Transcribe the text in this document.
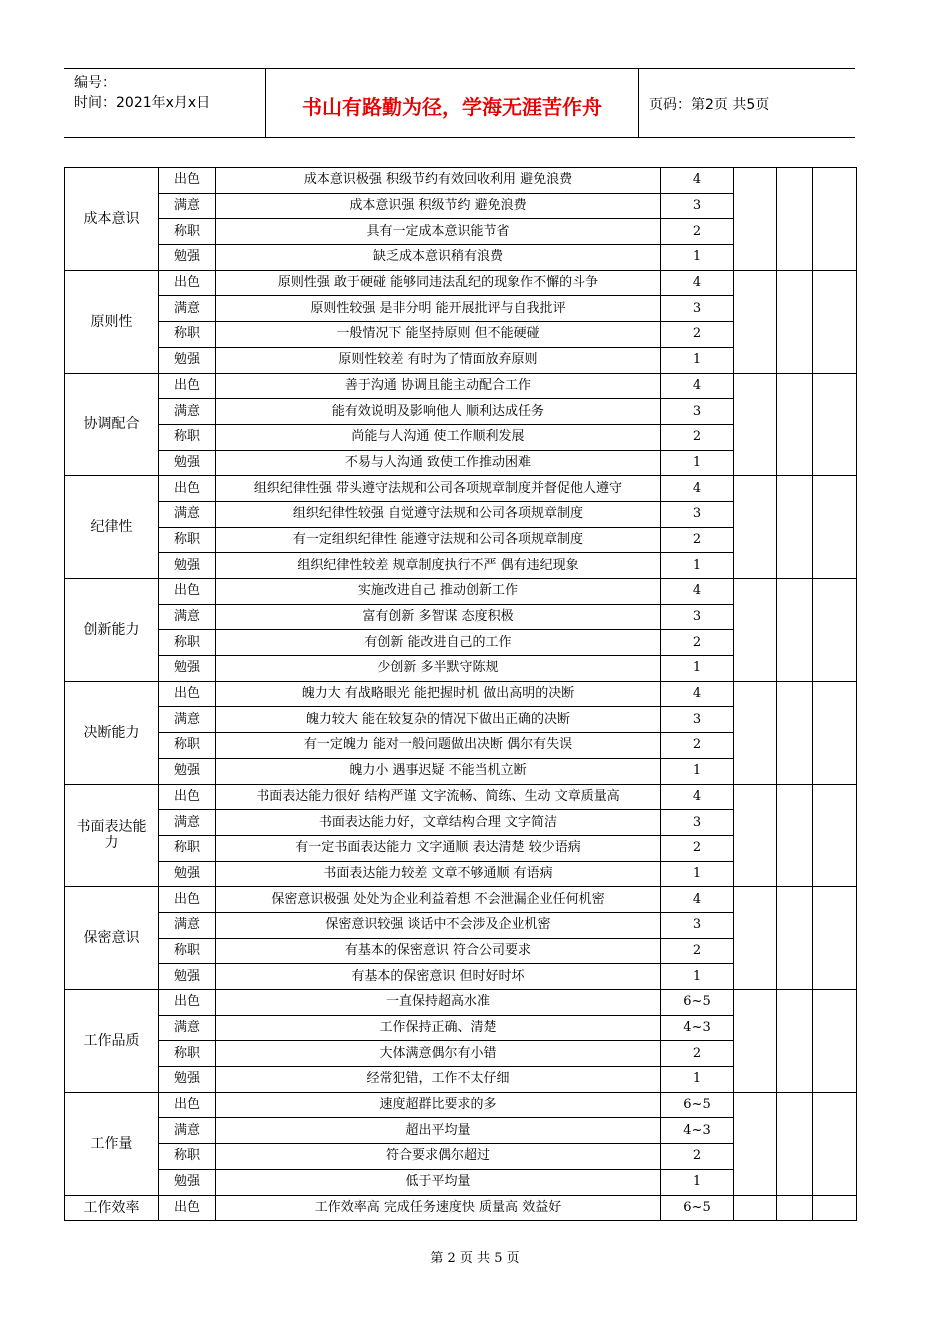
编号：
时间：2021年x月x日	书山有路勤为径，学海无涯苦作舟	页码：第2页 共5页
成本意识	出色	成本意识极强 积级节约有效回收利用 避免浪费	4			
	满意	成本意识强 积级节约 避免浪费	3			
	称职	具有一定成本意识能节省	2			
	勉强	缺乏成本意识稍有浪费	1			
原则性	出色	原则性强 敢于硬碰 能够同违法乱纪的现象作不懈的斗争	4			
	满意	原则性较强 是非分明 能开展批评与自我批评	3			
	称职	一般情况下 能坚持原则 但不能硬碰	2			
	勉强	原则性较差 有时为了情面放弃原则	1			
协调配合	出色	善于沟通 协调且能主动配合工作	4			
	满意	能有效说明及影响他人 顺利达成任务	3			
	称职	尚能与人沟通 使工作顺利发展	2			
	勉强	不易与人沟通 致使工作推动困难	1			
纪律性	出色	组织纪律性强 带头遵守法规和公司各项规章制度并督促他人遵守	4			
	满意	组织纪律性较强 自觉遵守法规和公司各项规章制度	3			
	称职	有一定组织纪律性 能遵守法规和公司各项规章制度	2			
	勉强	组织纪律性较差 规章制度执行不严 偶有违纪现象	1			
创新能力	出色	实施改进自己 推动创新工作	4			
	满意	富有创新 多智谋 态度积极	3			
	称职	有创新 能改进自己的工作	2			
	勉强	少创新 多半默守陈规	1			
决断能力	出色	魄力大 有战略眼光 能把握时机 做出高明的决断	4			
	满意	魄力较大 能在较复杂的情况下做出正确的决断	3			
	称职	有一定魄力 能对一般问题做出决断 偶尔有失误	2			
	勉强	魄力小 遇事迟疑 不能当机立断	1			
书面表达能力	出色	书面表达能力很好 结构严谨 文字流畅、简练、生动 文章质量高	4			
	满意	书面表达能力好，文章结构合理 文字简洁	3			
	称职	有一定书面表达能力 文字通顺 表达清楚 较少语病	2			
	勉强	书面表达能力较差 文章不够通顺 有语病	1			
保密意识	出色	保密意识极强 处处为企业利益着想 不会泄漏企业任何机密	4			
	满意	保密意识较强 谈话中不会涉及企业机密	3			
	称职	有基本的保密意识 符合公司要求	2			
	勉强	有基本的保密意识 但时好时坏	1			
工作品质	出色	一直保持超高水准	6~5			
	满意	工作保持正确、清楚	4~3			
	称职	大体满意偶尔有小错	2			
	勉强	经常犯错，工作不太仔细	1			
工作量	出色	速度超群比要求的多	6~5			
	满意	超出平均量	4~3			
	称职	符合要求偶尔超过	2			
	勉强	低于平均量	1			
工作效率	出色	工作效率高 完成任务速度快 质量高 效益好	6~5			
第 2 页 共 5 页
